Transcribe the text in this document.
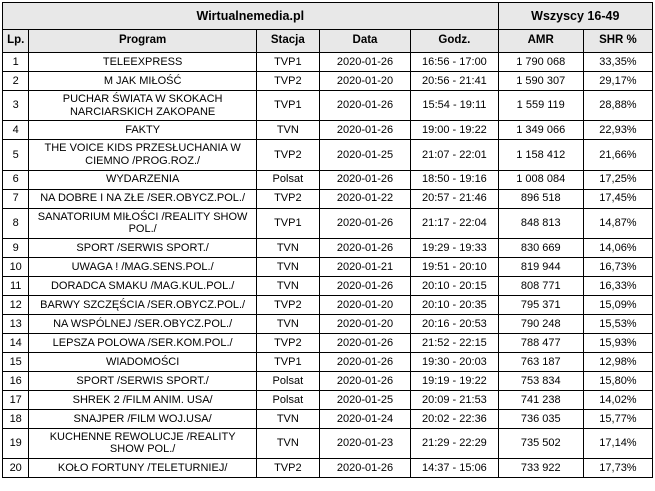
Wirtualnemedia.pl					Wszyscy 16-49	
Lp.	Program	Stacja	Data	Godz.	AMR	SHR %
1	TELEEXPRESS	TVP1	2020-01-26	16:56 - 17:00	1 790 068	33,35%
2	M JAK MIŁOŚĆ	TVP2	2020-01-20	20:56 - 21:41	1 590 307	29,17%
3	PUCHAR ŚWIATA W SKOKACH NARCIARSKICH ZAKOPANE	TVP1	2020-01-26	15:54 - 19:11	1 559 119	28,88%
4	FAKTY	TVN	2020-01-26	19:00 - 19:22	1 349 066	22,93%
5	THE VOICE KIDS PRZESŁUCHANIA W CIEMNO /PROG.ROZ./	TVP2	2020-01-25	21:07 - 22:01	1 158 412	21,66%
6	WYDARZENIA	Polsat	2020-01-26	18:50 - 19:16	1 008 084	17,25%
7	NA DOBRE I NA ZŁE /SER.OBYCZ.POL./	TVP2	2020-01-22	20:57 - 21:46	896 518	17,45%
8	SANATORIUM MIŁOŚCI /REALITY SHOW POL./	TVP1	2020-01-26	21:17 - 22:04	848 813	14,87%
9	SPORT /SERWIS SPORT./	TVN	2020-01-26	19:29 - 19:33	830 669	14,06%
10	UWAGA ! /MAG.SENS.POL./	TVN	2020-01-21	19:51 - 20:10	819 944	16,73%
11	DORADCA SMAKU /MAG.KUL.POL./	TVN	2020-01-26	20:10 - 20:15	808 771	16,33%
12	BARWY SZCZĘŚCIA /SER.OBYCZ.POL./	TVP2	2020-01-20	20:10 - 20:35	795 371	15,09%
13	NA WSPÓLNEJ /SER.OBYCZ.POL./	TVN	2020-01-20	20:16 - 20:53	790 248	15,53%
14	LEPSZA POLOWA /SER.KOM.POL./	TVP2	2020-01-26	21:52 - 22:15	788 477	15,93%
15	WIADOMOŚCI	TVP1	2020-01-26	19:30 - 20:03	763 187	12,98%
16	SPORT /SERWIS SPORT./	Polsat	2020-01-26	19:19 - 19:22	753 834	15,80%
17	SHREK 2 /FILM ANIM. USA/	Polsat	2020-01-25	20:09 - 21:53	741 238	14,02%
18	SNAJPER /FILM WOJ.USA/	TVN	2020-01-24	20:02 - 22:36	736 035	15,77%
19	KUCHENNE REWOLUCJE /REALITY SHOW POL./	TVN	2020-01-23	21:29 - 22:29	735 502	17,14%
20	KOŁO FORTUNY /TELETURNIEJ/	TVP2	2020-01-26	14:37 - 15:06	733 922	17,73%
